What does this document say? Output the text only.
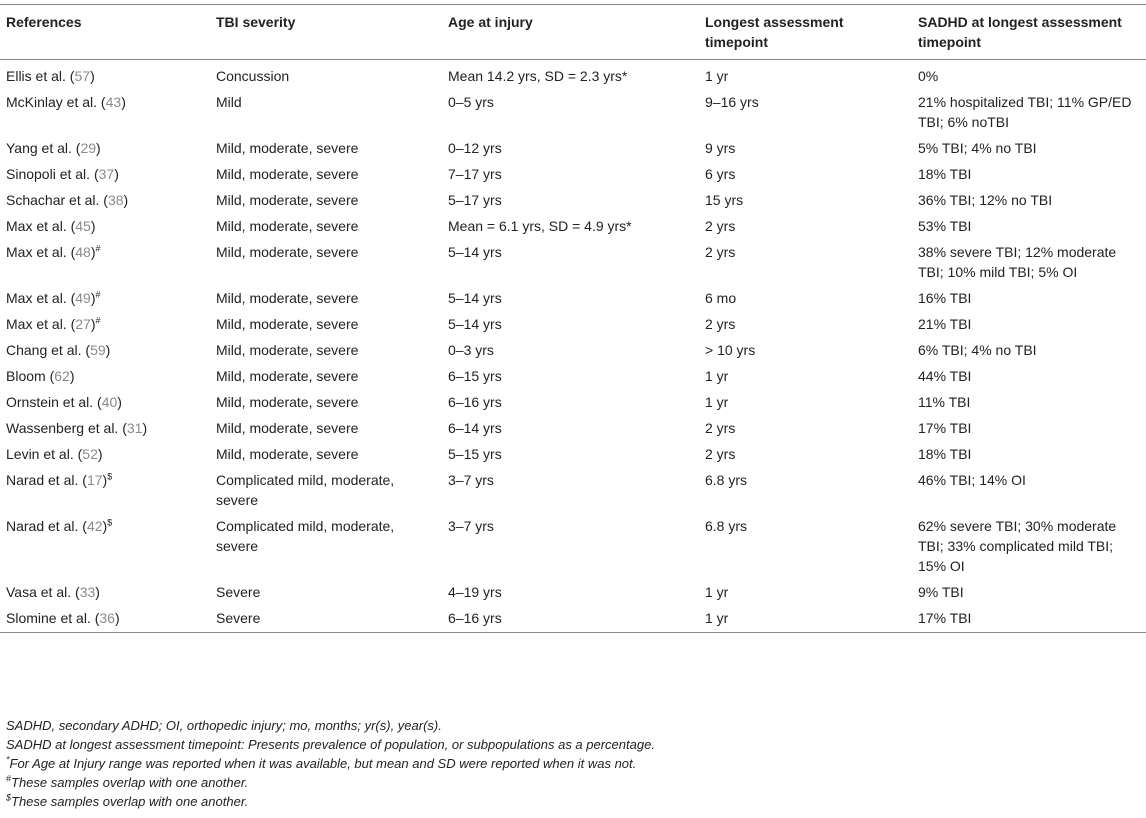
References	TBI severity	Age at injury	Longest assessment timepoint	SADHD at longest assessment timepoint
Ellis et al. (57)	Concussion	Mean 14.2 yrs, SD = 2.3 yrs*	1 yr	0%
McKinlay et al. (43)	Mild	0–5 yrs	9–16 yrs	21% hospitalized TBI; 11% GP/ED TBI; 6% noTBI
Yang et al. (29)	Mild, moderate, severe	0–12 yrs	9 yrs	5% TBI; 4% no TBI
Sinopoli et al. (37)	Mild, moderate, severe	7–17 yrs	6 yrs	18% TBI
Schachar et al. (38)	Mild, moderate, severe	5–17 yrs	15 yrs	36% TBI; 12% no TBI
Max et al. (45)	Mild, moderate, severe	Mean = 6.1 yrs, SD = 4.9 yrs*	2 yrs	53% TBI
Max et al. (48)#	Mild, moderate, severe	5–14 yrs	2 yrs	38% severe TBI; 12% moderate TBI; 10% mild TBI; 5% OI
Max et al. (49)#	Mild, moderate, severe	5–14 yrs	6 mo	16% TBI
Max et al. (27)#	Mild, moderate, severe	5–14 yrs	2 yrs	21% TBI
Chang et al. (59)	Mild, moderate, severe	0–3 yrs	> 10 yrs	6% TBI; 4% no TBI
Bloom (62)	Mild, moderate, severe	6–15 yrs	1 yr	44% TBI
Ornstein et al. (40)	Mild, moderate, severe	6–16 yrs	1 yr	11% TBI
Wassenberg et al. (31)	Mild, moderate, severe	6–14 yrs	2 yrs	17% TBI
Levin et al. (52)	Mild, moderate, severe	5–15 yrs	2 yrs	18% TBI
Narad et al. (17)$	Complicated mild, moderate, severe	3–7 yrs	6.8 yrs	46% TBI; 14% OI
Narad et al. (42)$	Complicated mild, moderate, severe	3–7 yrs	6.8 yrs	62% severe TBI; 30% moderate TBI; 33% complicated mild TBI; 15% OI
Vasa et al. (33)	Severe	4–19 yrs	1 yr	9% TBI
Slomine et al. (36)	Severe	6–16 yrs	1 yr	17% TBI
SADHD, secondary ADHD; OI, orthopedic injury; mo, months; yr(s), year(s).
SADHD at longest assessment timepoint: Presents prevalence of population, or subpopulations as a percentage.
*For Age at Injury range was reported when it was available, but mean and SD were reported when it was not.
#These samples overlap with one another.
$These samples overlap with one another.
